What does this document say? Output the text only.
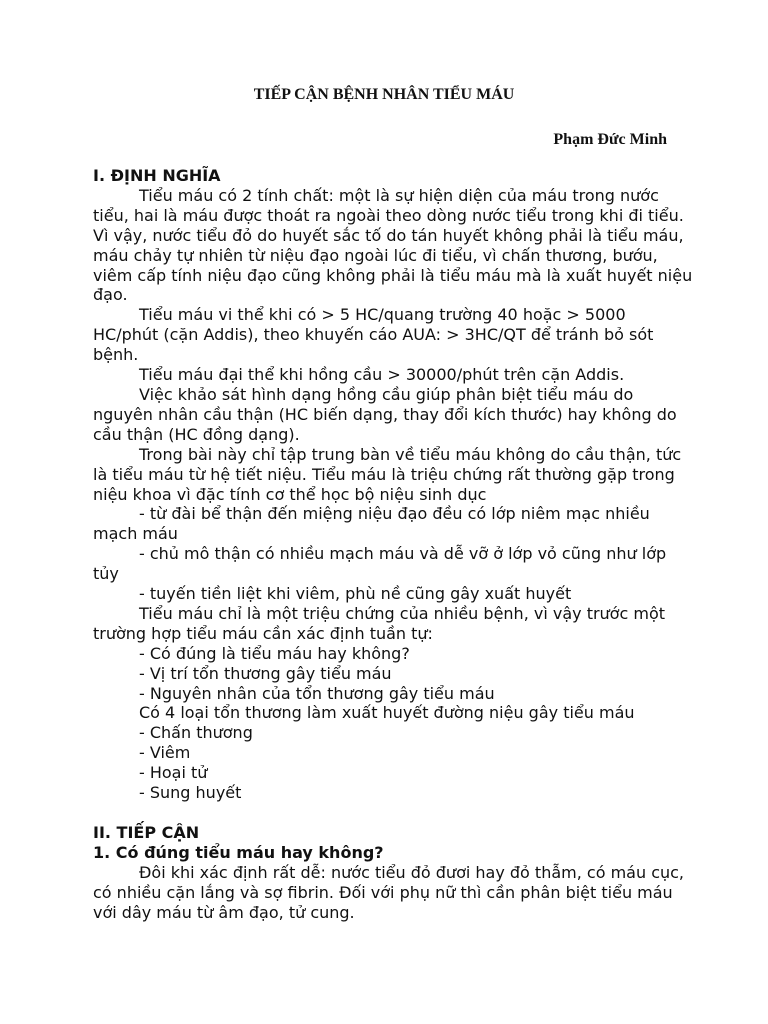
TIẾP CẬN BỆNH NHÂN TIỂU MÁU
Phạm Đức Minh
I. ĐỊNH NGHĨA
Tiểu máu có 2 tính chất: một là sự hiện diện của máu trong nước tiểu, hai là máu được thoát ra ngoài theo dòng nước tiểu trong khi đi tiểu. Vì vậy, nước tiểu đỏ do huyết sắc tố do tán huyết không phải là tiểu máu, máu chảy tự nhiên từ niệu đạo ngoài lúc đi tiểu, vì chấn thương, bướu, viêm cấp tính niệu đạo cũng không phải là tiểu máu mà là xuất huyết niệu đạo.
Tiểu máu vi thể khi có > 5 HC/quang trường 40 hoặc > 5000 HC/phút (cặn Addis), theo khuyến cáo AUA: > 3HC/QT để tránh bỏ sót bệnh.
Tiểu máu đại thể khi hồng cầu > 30000/phút trên cặn Addis.
Việc khảo sát hình dạng hồng cầu giúp phân biệt tiểu máu do nguyên nhân cầu thận (HC biến dạng, thay đổi kích thước) hay không do cầu thận (HC đồng dạng).
Trong bài này chỉ tập trung bàn về tiểu máu không do cầu thận, tức là tiểu máu từ hệ tiết niệu. Tiểu máu là triệu chứng rất thường gặp trong niệu khoa vì đặc tính cơ thể học bộ niệu sinh dục
- từ đài bể thận đến miệng niệu đạo đều có lớp niêm mạc nhiều mạch máu
- chủ mô thận có nhiều mạch máu và dễ vỡ ở lớp vỏ cũng như lớp tủy
- tuyến tiền liệt khi viêm, phù nề cũng gây xuất huyết
Tiểu máu chỉ là một triệu chứng của nhiều bệnh, vì vậy trước một trường hợp tiểu máu cần xác định tuần tự:
- Có đúng là tiểu máu hay không?
- Vị trí tổn thương gây tiểu máu
- Nguyên nhân của tổn thương gây tiểu máu
Có 4 loại tổn thương làm xuất huyết đường niệu gây tiểu máu
- Chấn thương
- Viêm
- Hoại tử
- Sung huyết
II. TIẾP CẬN
1. Có đúng tiểu máu hay không?
Đôi khi xác định rất dễ: nước tiểu đỏ đươi hay đỏ thẫm, có máu cục, có nhiều cặn lắng và sợ fibrin. Đối với phụ nữ thì cần phân biệt tiểu máu với dây máu từ âm đạo, tử cung.
